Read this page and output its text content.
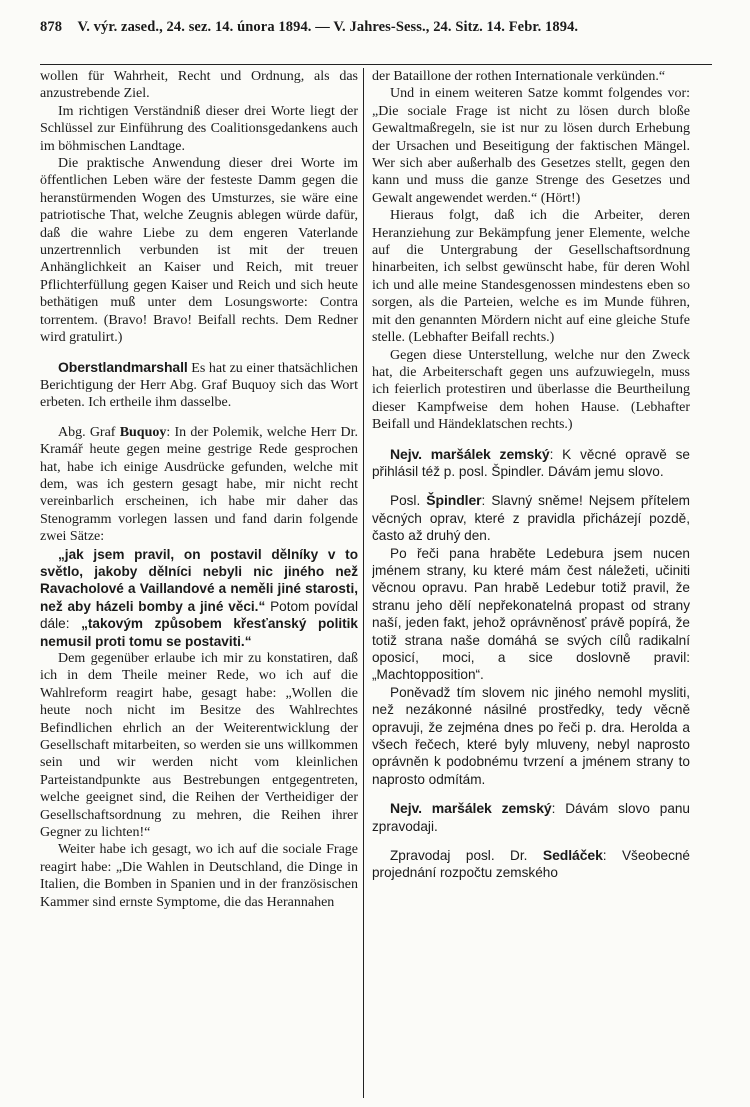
878 V. výr. zased., 24. sez. 14. února 1894. — V. Jahres-Sess., 24. Sitz. 14. Febr. 1894.

wollen für Wahrheit, Recht und Ordnung, als das anzustrebende Ziel.

Im richtigen Verständniß dieser drei Worte liegt der Schlüssel zur Einführung des Coalitionsgedankens auch im böhmischen Landtage.

Die praktische Anwendung dieser drei Worte im öffentlichen Leben wäre der festeste Damm gegen die heranstürmenden Wogen des Umsturzes, sie wäre eine patriotische That, welche Zeugnis ablegen würde dafür, daß die wahre Liebe zu dem engeren Vaterlande unzertrennlich verbunden ist mit der treuen Anhänglichkeit an Kaiser und Reich, mit treuer Pflichterfüllung gegen Kaiser und Reich und sich heute bethätigen muß unter dem Losungsworte: Contra torrentem. (Bravo! Bravo! Beifall rechts. Dem Redner wird gratulirt.)

Oberstlandmarshall Es hat zu einer thatsächlichen Berichtigung der Herr Abg. Graf Buquoy sich das Wort erbeten. Ich ertheile ihm dasselbe.

Abg. Graf Buquoy: In der Polemik, welche Herr Dr. Kramář heute gegen meine gestrige Rede gesprochen hat, habe ich einige Ausdrücke gefunden, welche mit dem, was ich gestern gesagt habe, mir nicht recht vereinbarlich erscheinen, ich habe mir daher das Stenogramm vorlegen lassen und fand darin folgende zwei Sätze:

„jak jsem pravil, on postavil dělníky v to světlo, jakoby dělníci nebyli nic jiného než Ravacholové a Vaillandové a neměli jiné starosti, než aby házeli bomby a jiné věci.“ Potom povídal dále: „takovým způsobem křesťanský politik nemusil proti tomu se postaviti.“

Dem gegenüber erlaube ich mir zu konstatiren, daß ich in dem Theile meiner Rede, wo ich auf die Wahlreform reagirt habe, gesagt habe: „Wollen die heute noch nicht im Besitze des Wahlrechtes Befindlichen ehrlich an der Weiterentwicklung der Gesellschaft mitarbeiten, so werden sie uns willkommen sein und wir werden nicht vom kleinlichen Parteistandpunkte aus Bestrebungen entgegentreten, welche geeignet sind, die Reihen der Vertheidiger der Gesellschaftsordnung zu mehren, die Reihen ihrer Gegner zu lichten!“

Weiter habe ich gesagt, wo ich auf die sociale Frage reagirt habe: „Die Wahlen in Deutschland, die Dinge in Italien, die Bomben in Spanien und in der französischen Kammer sind ernste Symptome, die das Herannahen

der Bataillone der rothen Internationale verkünden.“

Und in einem weiteren Satze kommt folgendes vor: „Die sociale Frage ist nicht zu lösen durch bloße Gewaltmaßregeln, sie ist nur zu lösen durch Erhebung der Ursachen und Beseitigung der faktischen Mängel. Wer sich aber außerhalb des Gesetzes stellt, gegen den kann und muss die ganze Strenge des Gesetzes und Gewalt angewendet werden.“ (Hört!)

Hieraus folgt, daß ich die Arbeiter, deren Heranziehung zur Bekämpfung jener Elemente, welche auf die Untergrabung der Gesellschaftsordnung hinarbeiten, ich selbst gewünscht habe, für deren Wohl ich und alle meine Standesgenossen mindestens eben so sorgen, als die Parteien, welche es im Munde führen, mit den genannten Mördern nicht auf eine gleiche Stufe stelle. (Lebhafter Beifall rechts.)

Gegen diese Unterstellung, welche nur den Zweck hat, die Arbeiterschaft gegen uns aufzuwiegeln, muss ich feierlich protestiren und überlasse die Beurtheilung dieser Kampfweise dem hohen Hause. (Lebhafter Beifall und Händeklatschen rechts.)

Nejv. maršálek zemský: K věcné opravě se přihlásil též p. posl. Špindler. Dávám jemu slovo.

Posl. Špindler: Slavný sněme! Nejsem přítelem věcných oprav, které z pravidla přicházejí pozdě, často až druhý den.

Po řeči pana hraběte Ledebura jsem nucen jménem strany, ku které mám čest náležeti, učiniti věcnou opravu. Pan hrabě Ledebur totiž pravil, že stranu jeho dělí nepřekonatelná propast od strany naší, jeden fakt, jehož oprávněnosť právě popírá, že totiž strana naše domáhá se svých cílů radikalní oposicí, moci, a sice doslovně pravil: „Machtopposition“.

Poněvadž tím slovem nic jiného nemohl mysliti, než nezákonné násilné prostředky, tedy věcně opravuji, že zejména dnes po řeči p. dra. Herolda a všech řečech, které byly mluveny, nebyl naprosto oprávněn k podobnému tvrzení a jménem strany to naprosto odmítám.

Nejv. maršálek zemský: Dávám slovo panu zpravodaji.

Zpravodaj posl. Dr. Sedláček: Všeobecné projednání rozpočtu zemského
